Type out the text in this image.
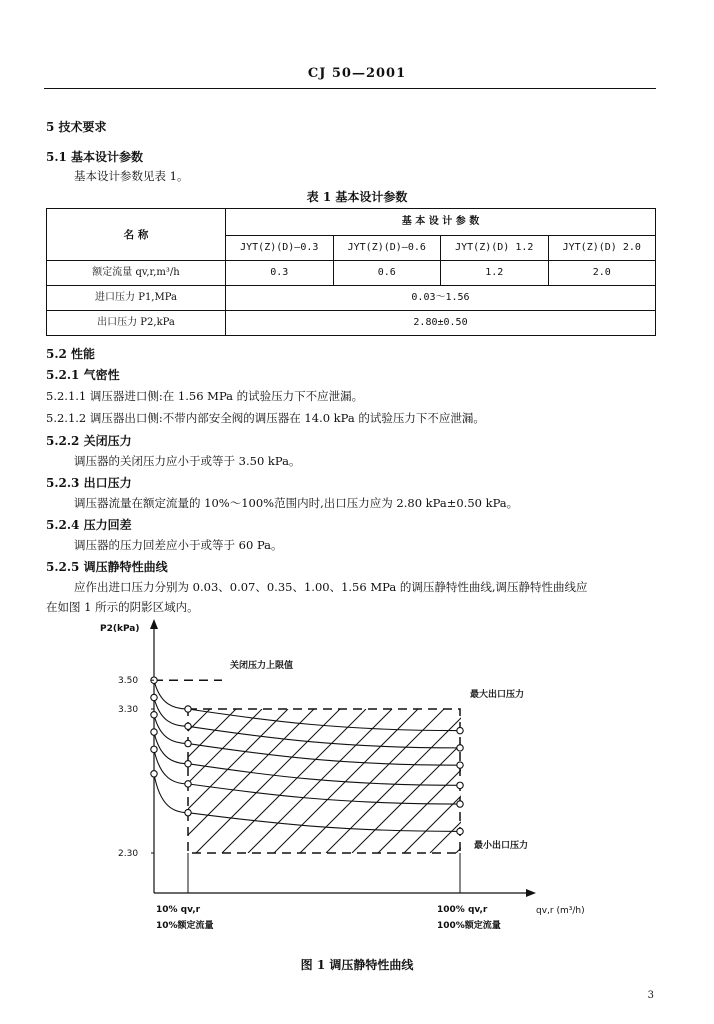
CJ 50—2001
5 技术要求
5.1 基本设计参数
基本设计参数见表 1。
表 1 基本设计参数
名 称	基 本 设 计 参 数			
	JYT(Z)(D)—0.3	JYT(Z)(D)—0.6	JYT(Z)(D) 1.2	JYT(Z)(D) 2.0
额定流量 qv,r,m³/h	0.3	0.6	1.2	2.0
进口压力 P1,MPa	0.03～1.56			
出口压力 P2,kPa	2.80±0.50			
5.2 性能
5.2.1 气密性
5.2.1.1 调压器进口侧:在 1.56 MPa 的试验压力下不应泄漏。
5.2.1.2 调压器出口侧:不带内部安全阀的调压器在 14.0 kPa 的试验压力下不应泄漏。
5.2.2 关闭压力
调压器的关闭压力应小于或等于 3.50 kPa。
5.2.3 出口压力
调压器流量在额定流量的 10%～100%范围内时,出口压力应为 2.80 kPa±0.50 kPa。
5.2.4 压力回差
调压器的压力回差应小于或等于 60 Pa。
5.2.5 调压静特性曲线
应作出进口压力分别为 0.03、0.07、0.35、1.00、1.56 MPa 的调压静特性曲线,调压静特性曲线应
在如图 1 所示的阴影区域内。
3.50
3.30
2.30
P2(kPa)
qv,r (m³/h)
关闭压力上限值
最大出口压力
最小出口压力
10% qv,r
10%额定流量
100% qv,r
100%额定流量
图 1 调压静特性曲线
3
